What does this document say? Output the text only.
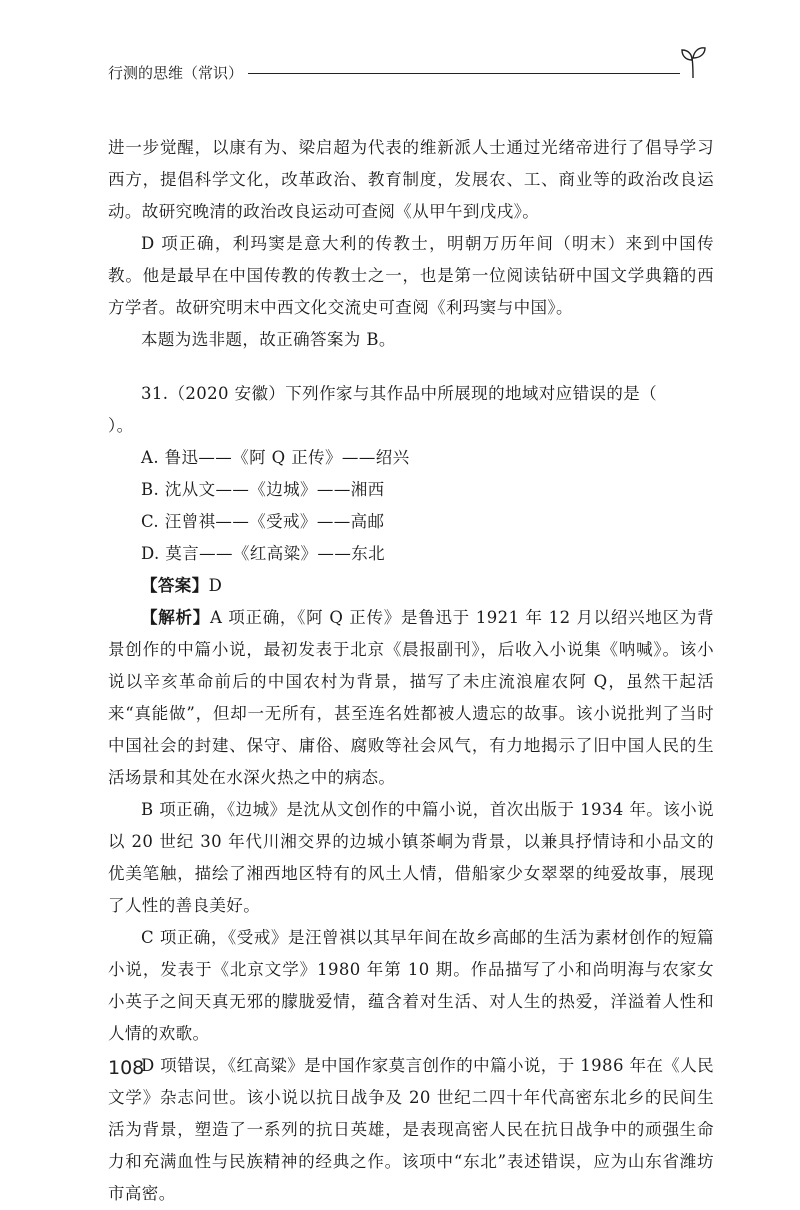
行测的思维（常识）

进一步觉醒，以康有为、梁启超为代表的维新派人士通过光绪帝进行了倡导学习西方，提倡科学文化，改革政治、教育制度，发展农、工、商业等的政治改良运动。故研究晚清的政治改良运动可查阅《从甲午到戊戌》。

D 项正确，利玛窦是意大利的传教士，明朝万历年间（明末）来到中国传教。他是最早在中国传教的传教士之一，也是第一位阅读钻研中国文学典籍的西方学者。故研究明末中西文化交流史可查阅《利玛窦与中国》。

本题为选非题，故正确答案为 B。

31.（2020 安徽）下列作家与其作品中所展现的地域对应错误的是（）。

A. 鲁迅——《阿 Q 正传》——绍兴

B. 沈从文——《边城》——湘西

C. 汪曾祺——《受戒》——高邮

D. 莫言——《红高粱》——东北

【答案】D

【解析】A 项正确，《阿 Q 正传》是鲁迅于 1921 年 12 月以绍兴地区为背景创作的中篇小说，最初发表于北京《晨报副刊》，后收入小说集《呐喊》。该小说以辛亥革命前后的中国农村为背景，描写了未庄流浪雇农阿 Q，虽然干起活来“真能做”，但却一无所有，甚至连名姓都被人遗忘的故事。该小说批判了当时中国社会的封建、保守、庸俗、腐败等社会风气，有力地揭示了旧中国人民的生活场景和其处在水深火热之中的病态。

B 项正确，《边城》是沈从文创作的中篇小说，首次出版于 1934 年。该小说以 20 世纪 30 年代川湘交界的边城小镇茶峒为背景，以兼具抒情诗和小品文的优美笔触，描绘了湘西地区特有的风土人情，借船家少女翠翠的纯爱故事，展现了人性的善良美好。

C 项正确，《受戒》是汪曾祺以其早年间在故乡高邮的生活为素材创作的短篇小说，发表于《北京文学》1980 年第 10 期。作品描写了小和尚明海与农家女小英子之间天真无邪的朦胧爱情，蕴含着对生活、对人生的热爱，洋溢着人性和人情的欢歌。

D 项错误，《红高粱》是中国作家莫言创作的中篇小说，于 1986 年在《人民文学》杂志问世。该小说以抗日战争及 20 世纪二四十年代高密东北乡的民间生活为背景，塑造了一系列的抗日英雄，是表现高密人民在抗日战争中的顽强生命力和充满血性与民族精神的经典之作。该项中“东北”表述错误，应为山东省潍坊市高密。

108
